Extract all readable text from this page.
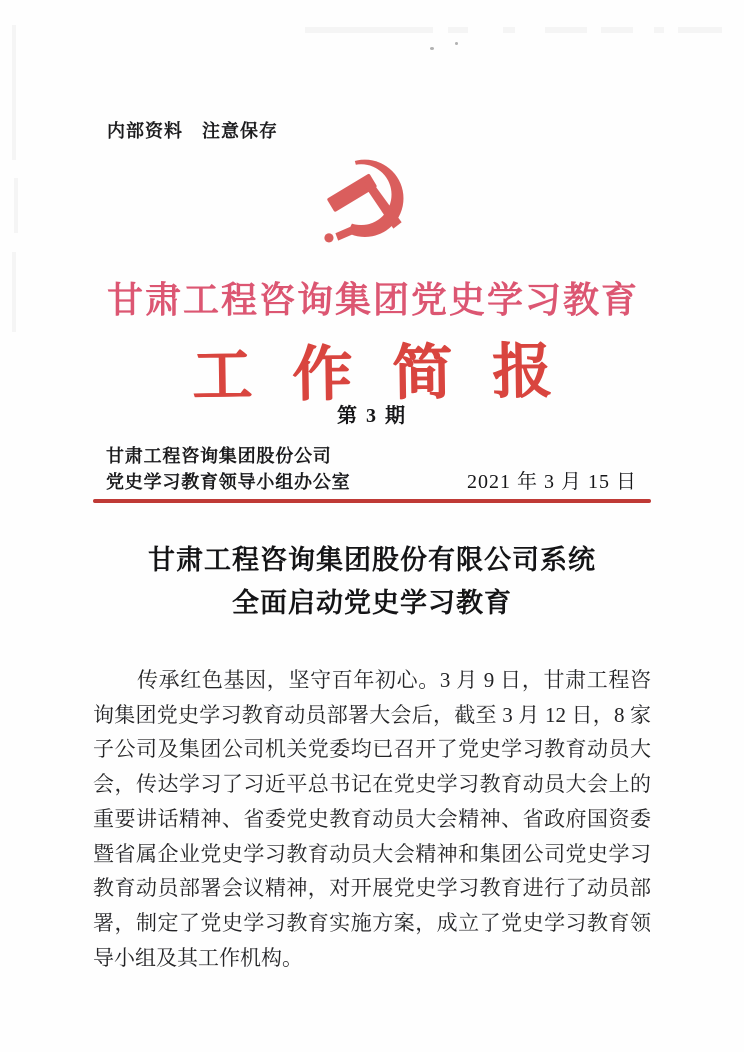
内部资料　注意保存
甘肃工程咨询集团党史学习教育
工作简报
第 3 期
甘肃工程咨询集团股份公司
党史学习教育领导小组办公室	2021 年 3 月 15 日
甘肃工程咨询集团股份有限公司系统
全面启动党史学习教育

传承红色基因，坚守百年初心。3 月 9 日，甘肃工程咨询集团党史学习教育动员部署大会后，截至 3 月 12 日，8 家子公司及集团公司机关党委均已召开了党史学习教育动员大会，传达学习了习近平总书记在党史学习教育动员大会上的重要讲话精神、省委党史教育动员大会精神、省政府国资委暨省属企业党史学习教育动员大会精神和集团公司党史学习教育动员部署会议精神，对开展党史学习教育进行了动员部署，制定了党史学习教育实施方案，成立了党史学习教育领导小组及其工作机构。
